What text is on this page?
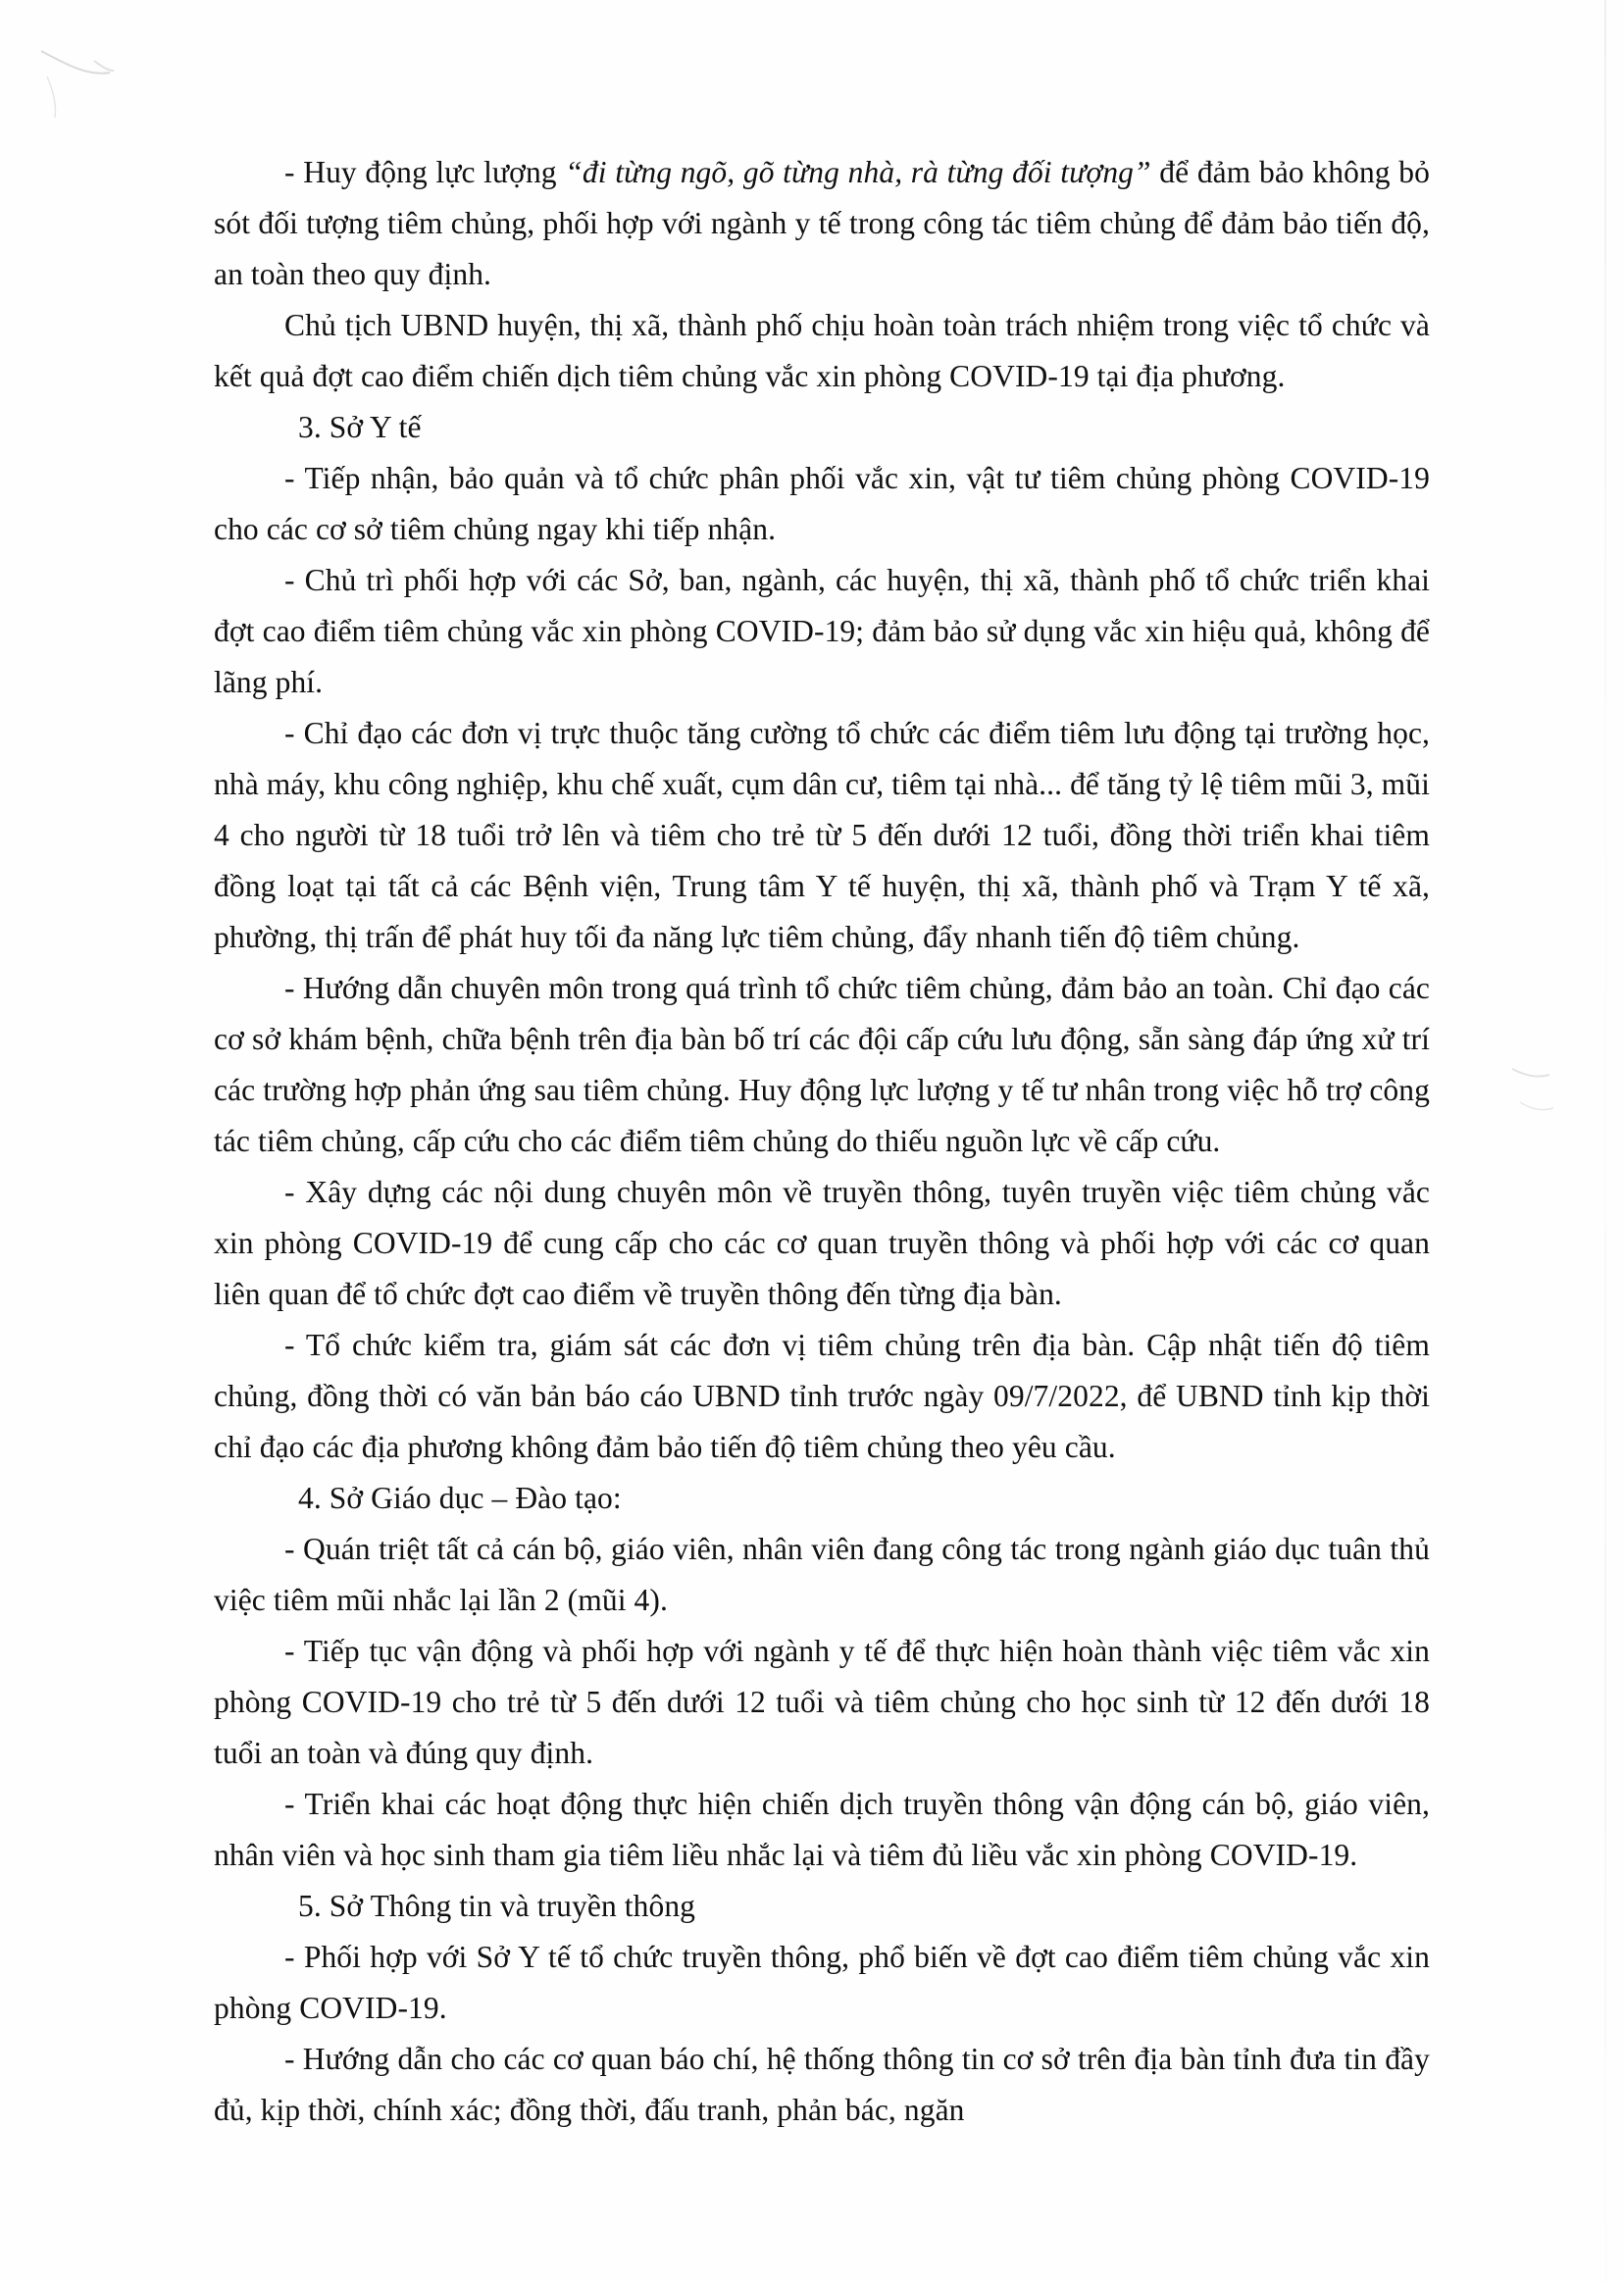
- Huy động lực lượng “đi từng ngõ, gõ từng nhà, rà từng đối tượng” để đảm bảo không bỏ sót đối tượng tiêm chủng, phối hợp với ngành y tế trong công tác tiêm chủng để đảm bảo tiến độ, an toàn theo quy định.
Chủ tịch UBND huyện, thị xã, thành phố chịu hoàn toàn trách nhiệm trong việc tổ chức và kết quả đợt cao điểm chiến dịch tiêm chủng vắc xin phòng COVID-19 tại địa phương.
3. Sở Y tế
- Tiếp nhận, bảo quản và tổ chức phân phối vắc xin, vật tư tiêm chủng phòng COVID-19 cho các cơ sở tiêm chủng ngay khi tiếp nhận.
- Chủ trì phối hợp với các Sở, ban, ngành, các huyện, thị xã, thành phố tổ chức triển khai đợt cao điểm tiêm chủng vắc xin phòng COVID-19; đảm bảo sử dụng vắc xin hiệu quả, không để lãng phí.
- Chỉ đạo các đơn vị trực thuộc tăng cường tổ chức các điểm tiêm lưu động tại trường học, nhà máy, khu công nghiệp, khu chế xuất, cụm dân cư, tiêm tại nhà... để tăng tỷ lệ tiêm mũi 3, mũi 4 cho người từ 18 tuổi trở lên và tiêm cho trẻ từ 5 đến dưới 12 tuổi, đồng thời triển khai tiêm đồng loạt tại tất cả các Bệnh viện, Trung tâm Y tế huyện, thị xã, thành phố và Trạm Y tế xã, phường, thị trấn để phát huy tối đa năng lực tiêm chủng, đẩy nhanh tiến độ tiêm chủng.
- Hướng dẫn chuyên môn trong quá trình tổ chức tiêm chủng, đảm bảo an toàn. Chỉ đạo các cơ sở khám bệnh, chữa bệnh trên địa bàn bố trí các đội cấp cứu lưu động, sẵn sàng đáp ứng xử trí các trường hợp phản ứng sau tiêm chủng. Huy động lực lượng y tế tư nhân trong việc hỗ trợ công tác tiêm chủng, cấp cứu cho các điểm tiêm chủng do thiếu nguồn lực về cấp cứu.
- Xây dựng các nội dung chuyên môn về truyền thông, tuyên truyền việc tiêm chủng vắc xin phòng COVID-19 để cung cấp cho các cơ quan truyền thông và phối hợp với các cơ quan liên quan để tổ chức đợt cao điểm về truyền thông đến từng địa bàn.
- Tổ chức kiểm tra, giám sát các đơn vị tiêm chủng trên địa bàn. Cập nhật tiến độ tiêm chủng, đồng thời có văn bản báo cáo UBND tỉnh trước ngày 09/7/2022, để UBND tỉnh kịp thời chỉ đạo các địa phương không đảm bảo tiến độ tiêm chủng theo yêu cầu.
4. Sở Giáo dục – Đào tạo:
- Quán triệt tất cả cán bộ, giáo viên, nhân viên đang công tác trong ngành giáo dục tuân thủ việc tiêm mũi nhắc lại lần 2 (mũi 4).
- Tiếp tục vận động và phối hợp với ngành y tế để thực hiện hoàn thành việc tiêm vắc xin phòng COVID-19 cho trẻ từ 5 đến dưới 12 tuổi và tiêm chủng cho học sinh từ 12 đến dưới 18 tuổi an toàn và đúng quy định.
- Triển khai các hoạt động thực hiện chiến dịch truyền thông vận động cán bộ, giáo viên, nhân viên và học sinh tham gia tiêm liều nhắc lại và tiêm đủ liều vắc xin phòng COVID-19.
5. Sở Thông tin và truyền thông
- Phối hợp với Sở Y tế tổ chức truyền thông, phổ biến về đợt cao điểm tiêm chủng vắc xin phòng COVID-19.
- Hướng dẫn cho các cơ quan báo chí, hệ thống thông tin cơ sở trên địa bàn tỉnh đưa tin đầy đủ, kịp thời, chính xác; đồng thời, đấu tranh, phản bác, ngăn
